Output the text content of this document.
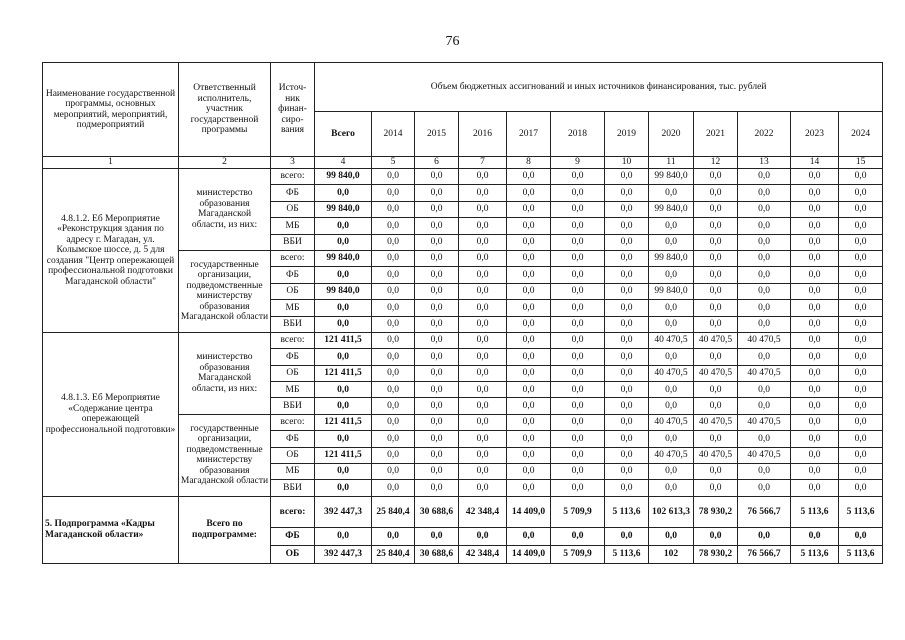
76
Наименование государственной программы, основных мероприятий, мероприятий, подмероприятий	Ответственный исполнитель, участник государственной программы	Источ-ник финан-сиро-вания	Объем бюджетных ассигнований и иных источников финансирования, тыс. рублей											
			Всего	2014	2015	2016	2017	2018	2019	2020	2021	2022	2023	2024
1	2	3	4	5	6	7	8	9	10	11	12	13	14	15
4.8.1.2. Еб Мероприятие «Реконструкция здания по адресу г. Магадан, ул. Колымское шоссе, д. 5 для создания "Центр опережающей профессиональной подготовки Магаданской области"	министерство образования Магаданской области, из них:	всего:	99 840,0	0,0	0,0	0,0	0,0	0,0	0,0	99 840,0	0,0	0,0	0,0	0,0
		ФБ	0,0	0,0	0,0	0,0	0,0	0,0	0,0	0,0	0,0	0,0	0,0	0,0
		ОБ	99 840,0	0,0	0,0	0,0	0,0	0,0	0,0	99 840,0	0,0	0,0	0,0	0,0
		МБ	0,0	0,0	0,0	0,0	0,0	0,0	0,0	0,0	0,0	0,0	0,0	0,0
		ВБИ	0,0	0,0	0,0	0,0	0,0	0,0	0,0	0,0	0,0	0,0	0,0	0,0
	государственные организации, подведомственные министерству образования Магаданской области	всего:	99 840,0	0,0	0,0	0,0	0,0	0,0	0,0	99 840,0	0,0	0,0	0,0	0,0
		ФБ	0,0	0,0	0,0	0,0	0,0	0,0	0,0	0,0	0,0	0,0	0,0	0,0
		ОБ	99 840,0	0,0	0,0	0,0	0,0	0,0	0,0	99 840,0	0,0	0,0	0,0	0,0
		МБ	0,0	0,0	0,0	0,0	0,0	0,0	0,0	0,0	0,0	0,0	0,0	0,0
		ВБИ	0,0	0,0	0,0	0,0	0,0	0,0	0,0	0,0	0,0	0,0	0,0	0,0
4.8.1.3. Еб Мероприятие «Содержание центра опережающей профессиональной подготовки»	министерство образования Магаданской области, из них:	всего:	121 411,5	0,0	0,0	0,0	0,0	0,0	0,0	40 470,5	40 470,5	40 470,5	0,0	0,0
		ФБ	0,0	0,0	0,0	0,0	0,0	0,0	0,0	0,0	0,0	0,0	0,0	0,0
		ОБ	121 411,5	0,0	0,0	0,0	0,0	0,0	0,0	40 470,5	40 470,5	40 470,5	0,0	0,0
		МБ	0,0	0,0	0,0	0,0	0,0	0,0	0,0	0,0	0,0	0,0	0,0	0,0
		ВБИ	0,0	0,0	0,0	0,0	0,0	0,0	0,0	0,0	0,0	0,0	0,0	0,0
	государственные организации, подведомственные министерству образования Магаданской области	всего:	121 411,5	0,0	0,0	0,0	0,0	0,0	0,0	40 470,5	40 470,5	40 470,5	0,0	0,0
		ФБ	0,0	0,0	0,0	0,0	0,0	0,0	0,0	0,0	0,0	0,0	0,0	0,0
		ОБ	121 411,5	0,0	0,0	0,0	0,0	0,0	0,0	40 470,5	40 470,5	40 470,5	0,0	0,0
		МБ	0,0	0,0	0,0	0,0	0,0	0,0	0,0	0,0	0,0	0,0	0,0	0,0
		ВБИ	0,0	0,0	0,0	0,0	0,0	0,0	0,0	0,0	0,0	0,0	0,0	0,0
5. Подпрограмма «Кадры Магаданской области»	Всего по подпрограмме:	всего:	392 447,3	25 840,4	30 688,6	42 348,4	14 409,0	5 709,9	5 113,6	102 613,3	78 930,2	76 566,7	5 113,6	5 113,6
		ФБ	0,0	0,0	0,0	0,0	0,0	0,0	0,0	0,0	0,0	0,0	0,0	0,0
		ОБ	392 447,3	25 840,4	30 688,6	42 348,4	14 409,0	5 709,9	5 113,6	102	78 930,2	76 566,7	5 113,6	5 113,6
